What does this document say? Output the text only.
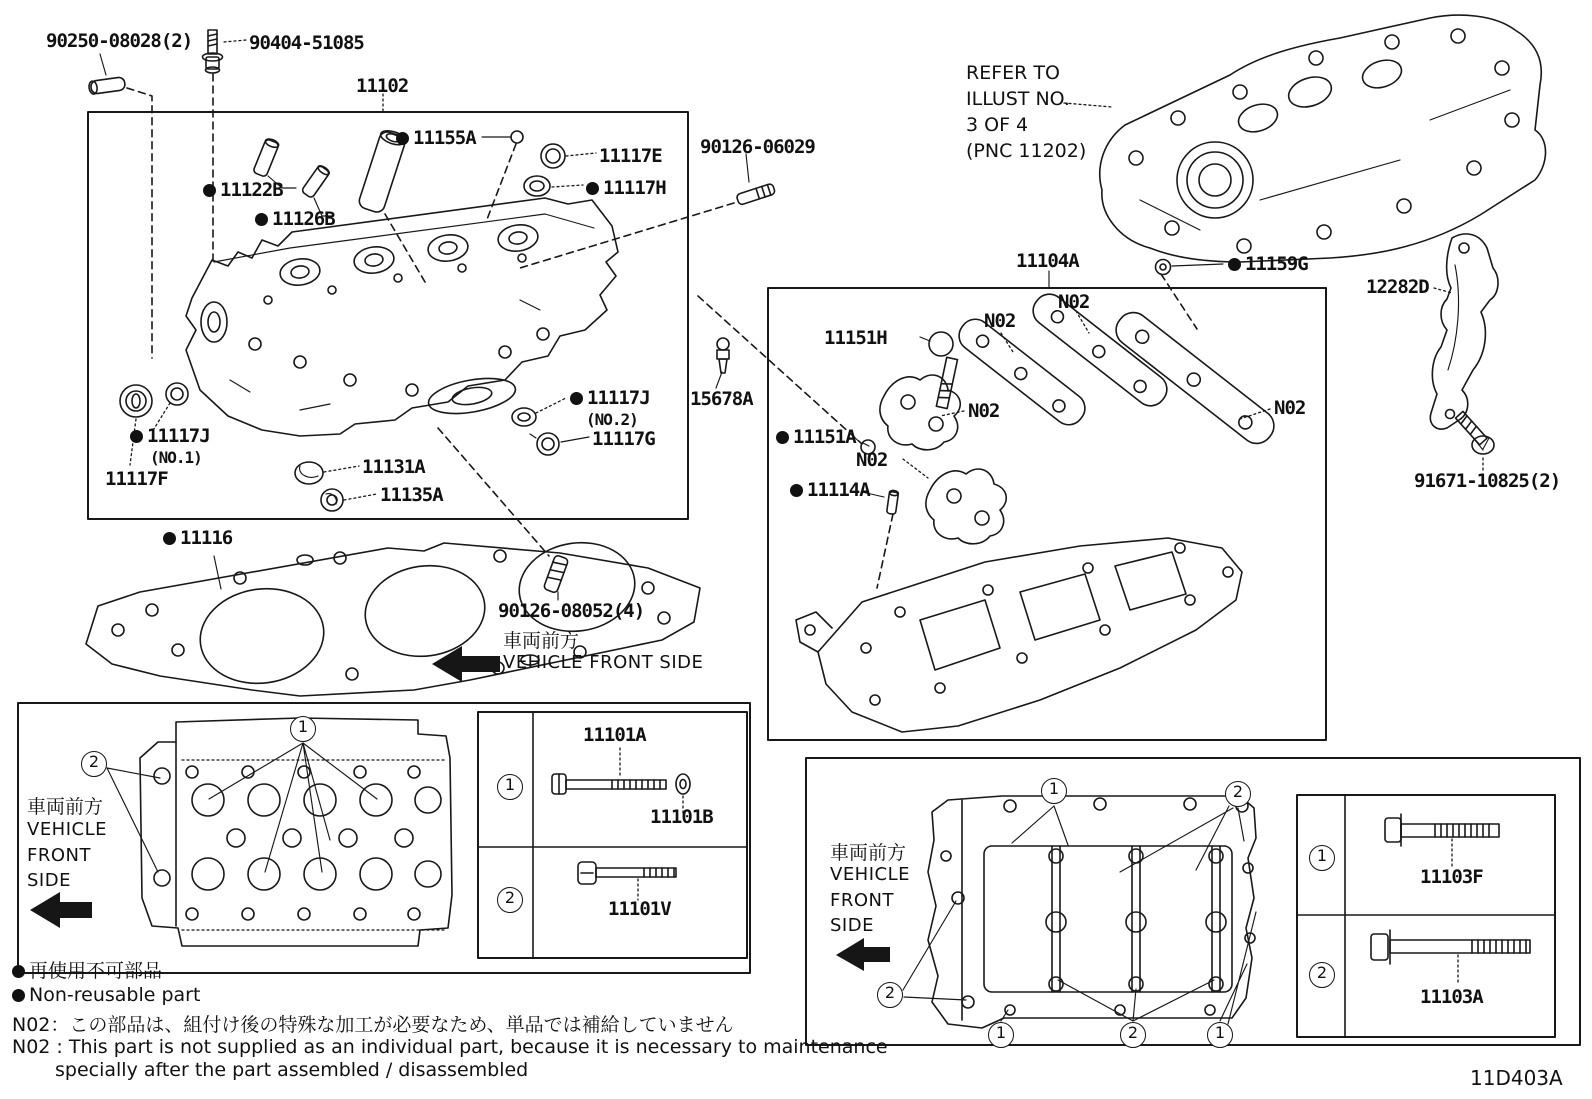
90250-08028(2)	90404-51085
11102
11122B
11126B
11155A
11117E
11117H
90126-06029
11117J
(NO.2)
11117G
11117J
(NO.1)
11117F
11131A
11135A
11116
90126-08052(4)
車両前方
VEHICLE FRONT SIDE
REFER TO
ILLUST NO.
3 OF 4
(PNC 11202)
11104A	11159G
12282D
91671-10825(2)
15678A
11151H
11151A
11114A
N02
N02
N02	N02
N02
車両前方
VEHICLE
FRONT
SIDE
1
2
1
2
11101A
11101B
11101V
車両前方
VEHICLE
FRONT
SIDE
1	2
2
1	2	1
1
2
11103F
11103A
再使用不可部品
Non-reusable part
N02：この部品は、組付け後の特殊な加工が必要なため、単品では補給していません
N02 : This part is not supplied as an individual part, because it is necessary to maintenance
specially after the part assembled / disassembled	11D403A
